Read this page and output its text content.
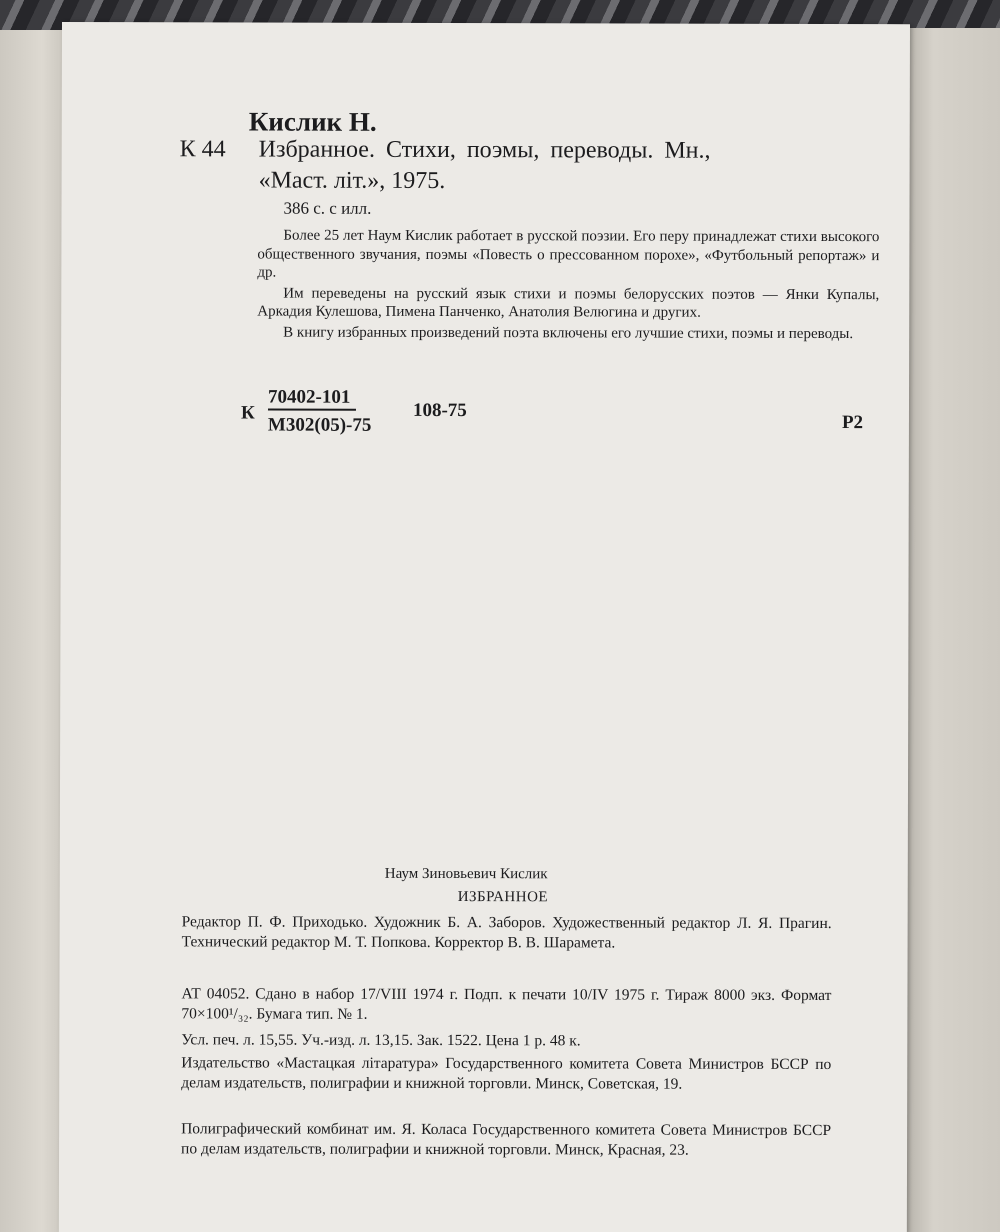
Кислик Н.
К 44 Избранное. Стихи, поэмы, переводы. Мн.,
«Маст. літ.», 1975.
386 с. с илл.

Более 25 лет Наум Кислик работает в русской поэзии. Его перу принадлежат стихи высокого общественного звучания, поэмы «Повесть о прессованном порохе», «Футбольный репортаж» и др.

Им переведены на русский язык стихи и поэмы белорусских поэтов — Янки Купалы, Аркадия Кулешова, Пимена Панченко, Анатолия Велюгина и других.

В книгу избранных произведений поэта включены его лучшие стихи, поэмы и переводы.

К
70402-101
М302(05)-75
108-75
Р2
Наум Зиновьевич Кислик
ИЗБРАННОЕ

Редактор П. Ф. Приходько. Художник Б. А. Заборов. Художественный редактор Л. Я. Прагин. Технический редактор М. Т. Попкова. Корректор В. В. Шарамета.

АТ 04052. Сдано в набор 17/VIII 1974 г. Подп. к печати 10/IV 1975 г. Тираж 8000 экз. Формат 70×100¹/₃₂. Бумага тип. № 1.

Усл. печ. л. 15,55. Уч.-изд. л. 13,15. Зак. 1522. Цена 1 р. 48 к.

Издательство «Мастацкая літаратура» Государственного комитета Совета Министров БССР по делам издательств, полиграфии и книжной торговли. Минск, Советская, 19.

Полиграфический комбинат им. Я. Коласа Государственного комитета Совета Министров БССР по делам издательств, полиграфии и книжной торговли. Минск, Красная, 23.
